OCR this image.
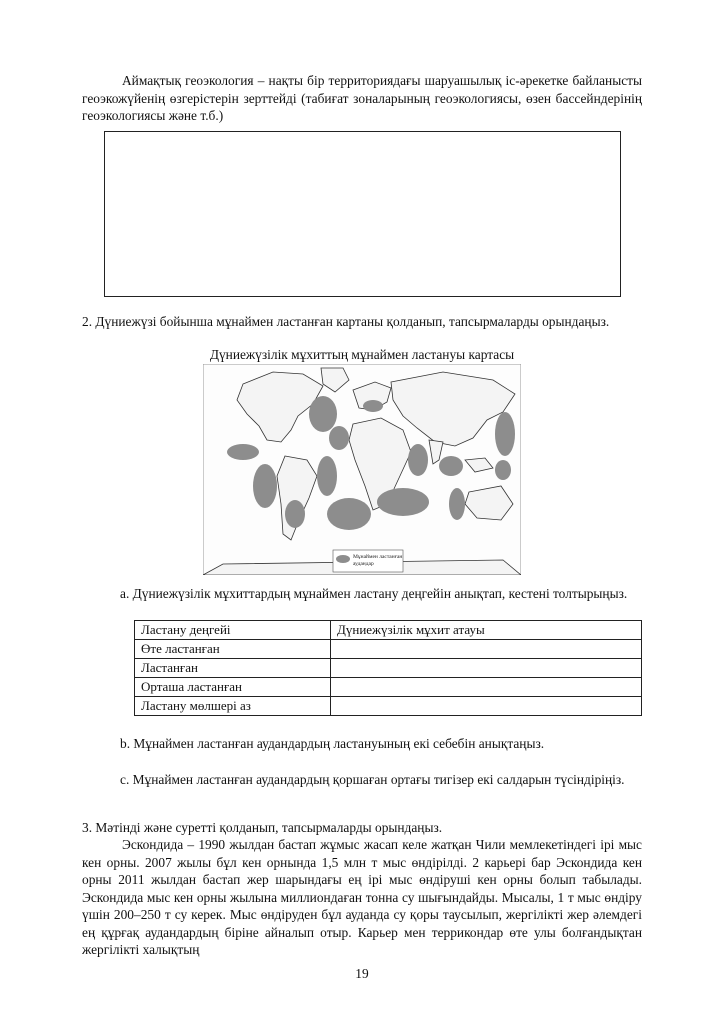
Аймақтық геоэкология – нақты бір территориядағы шаруашылық іс-әрекетке байланысты геоэкожүйенің өзгерістерін зерттейді (табиғат зоналарының геоэкологиясы, өзен бассейндерінің геоэкологиясы және т.б.)

2. Дүниежүзі бойынша мұнаймен ластанған картаны қолданып, тапсырмаларды орындаңыз.

Дүниежүзілік мұхиттың мұнаймен ластануы картасы
Мұнаймен ластанған
аудандар

a. Дүниежүзілік мұхиттардың мұнаймен ластану деңгейін анықтап, кестені толтырыңыз.

Ластану деңгейі	Дүниежүзілік мұхит атауы
Өте ластанған	
Ластанған	
Орташа ластанған	
Ластану мөлшері аз	

b. Мұнаймен ластанған аудандардың ластануының екі себебін анықтаңыз.

c. Мұнаймен ластанған аудандардың қоршаған ортағы тигізер екі салдарын түсіндіріңіз.

3. Мәтінді және суретті қолданып, тапсырмаларды орындаңыз.

Эскондида – 1990 жылдан бастап жұмыс жасап келе жатқан Чили мемлекетіндегі ірі мыс кен орны. 2007 жылы бұл кен орнында 1,5 млн т мыс өндірілді. 2 карьері бар Эскондида кен орны 2011 жылдан бастап жер шарындағы ең ірі мыс өндіруші кен орны болып табылады. Эскондида мыс кен орны жылына миллиондаған тонна су шығындайды. Мысалы, 1 т мыс өндіру үшін 200–250 т су керек. Мыс өндіруден бұл ауданда су қоры таусылып, жергілікті жер әлемдегі ең құрғақ аудандардың біріне айналып отыр. Карьер мен террикондар өте улы болғандықтан жергілікті халықтың

19
